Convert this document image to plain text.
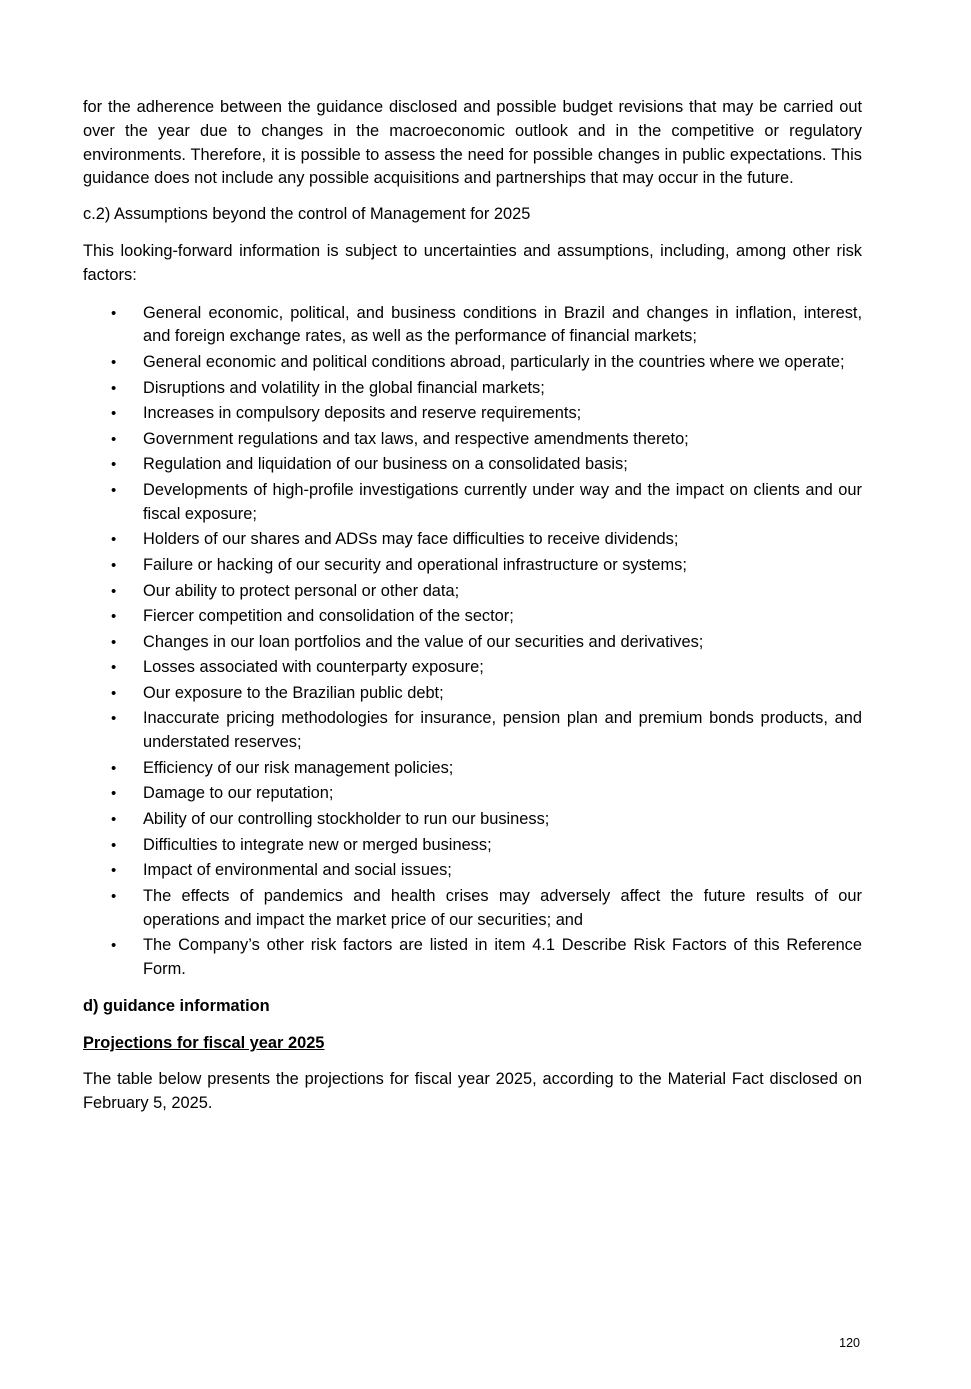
for the adherence between the guidance disclosed and possible budget revisions that may be carried out over the year due to changes in the macroeconomic outlook and in the competitive or regulatory environments. Therefore, it is possible to assess the need for possible changes in public expectations. This guidance does not include any possible acquisitions and partnerships that may occur in the future.

c.2) Assumptions beyond the control of Management for 2025

This looking-forward information is subject to uncertainties and assumptions, including, among other risk factors:

• General economic, political, and business conditions in Brazil and changes in inflation, interest, and foreign exchange rates, as well as the performance of financial markets;
• General economic and political conditions abroad, particularly in the countries where we operate;
• Disruptions and volatility in the global financial markets;
• Increases in compulsory deposits and reserve requirements;
• Government regulations and tax laws, and respective amendments thereto;
• Regulation and liquidation of our business on a consolidated basis;
• Developments of high-profile investigations currently under way and the impact on clients and our fiscal exposure;
• Holders of our shares and ADSs may face difficulties to receive dividends;
• Failure or hacking of our security and operational infrastructure or systems;
• Our ability to protect personal or other data;
• Fiercer competition and consolidation of the sector;
• Changes in our loan portfolios and the value of our securities and derivatives;
• Losses associated with counterparty exposure;
• Our exposure to the Brazilian public debt;
• Inaccurate pricing methodologies for insurance, pension plan and premium bonds products, and understated reserves;
• Efficiency of our risk management policies;
• Damage to our reputation;
• Ability of our controlling stockholder to run our business;
• Difficulties to integrate new or merged business;
• Impact of environmental and social issues;
• The effects of pandemics and health crises may adversely affect the future results of our operations and impact the market price of our securities; and
• The Company’s other risk factors are listed in item 4.1 Describe Risk Factors of this Reference Form.

d) guidance information

Projections for fiscal year 2025

The table below presents the projections for fiscal year 2025, according to the Material Fact disclosed on February 5, 2025.

120
